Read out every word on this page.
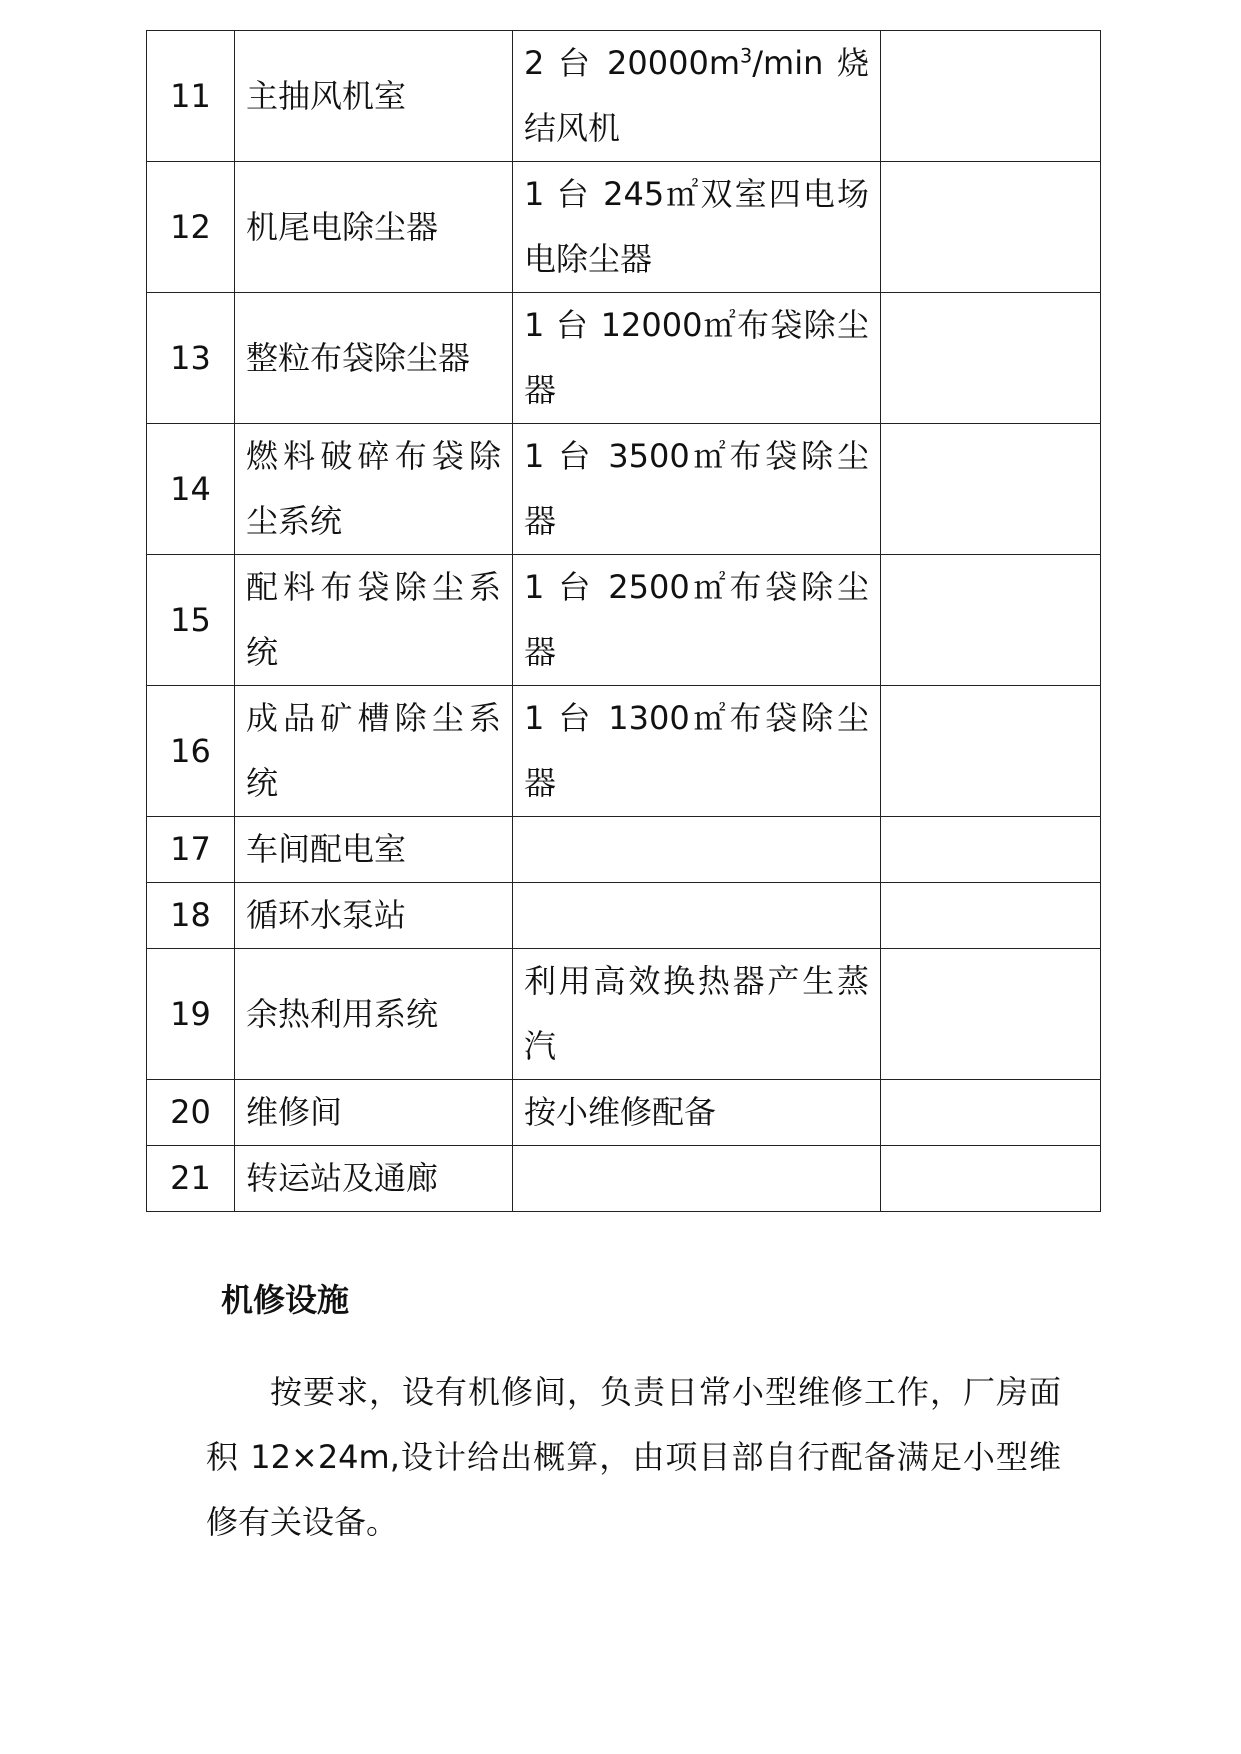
11	主抽风机室	2 台 $20000m^3/\min$ 烧结风机	
12	机尾电除尘器	1 台 245㎡双室四电场电除尘器	
13	整粒布袋除尘器	1 台 12000㎡布袋除尘器	
14	燃料破碎布袋除尘系统	1 台 3500㎡布袋除尘器	
15	配料布袋除尘系统	1 台 2500㎡布袋除尘器	
16	成品矿槽除尘系统	1 台 1300㎡布袋除尘器	
17	车间配电室		
18	循环水泵站		
19	余热利用系统	利用高效换热器产生蒸汽	
20	维修间	按小维修配备	
21	转运站及通廊		
机修设施

按要求，设有机修间，负责日常小型维修工作，厂房面积 12×24m,设计给出概算，由项目部自行配备满足小型维修有关设备。
